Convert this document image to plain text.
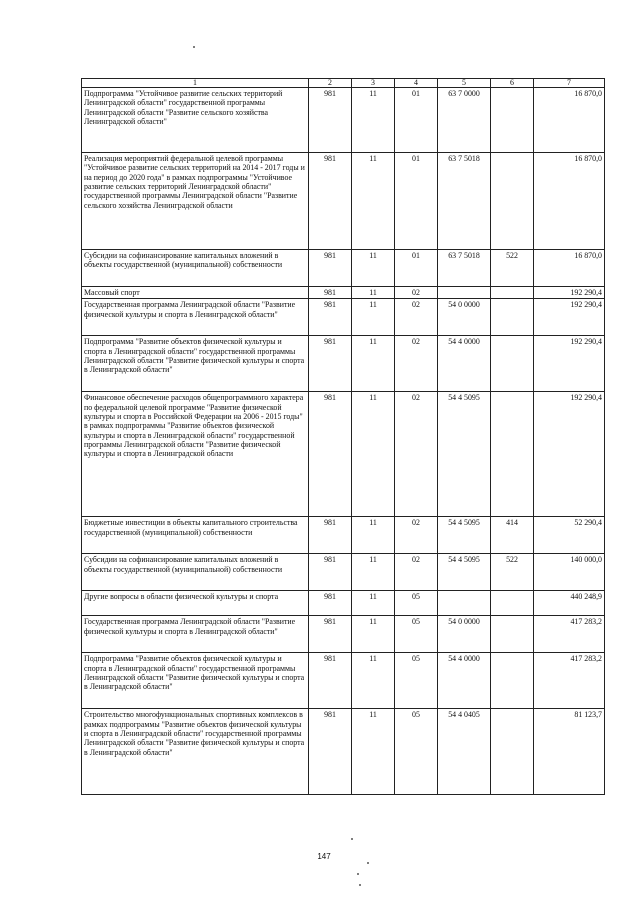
1	2	3	4	5	6	7
Подпрограмма "Устойчивое развитие сельских территорий Ленинградской области" государственной программы Ленинградской области "Развитие сельского хозяйства Ленинградской области"	981	11	01	63 7 0000		16 870,0
Реализация мероприятий федеральной целевой программы "Устойчивое развитие сельских территорий на 2014 - 2017 годы и на период до 2020 года" в рамках подпрограммы "Устойчивое развитие сельских территорий Ленинградской области" государственной программы Ленинградской области "Развитие сельского хозяйства Ленинградской области	981	11	01	63 7 5018		16 870,0
Субсидии на софинансирование капитальных вложений в объекты государственной (муниципальной) собственности	981	11	01	63 7 5018	522	16 870,0
Массовый спорт	981	11	02			192 290,4
Государственная программа Ленинградской области "Развитие физической культуры и спорта в Ленинградской области"	981	11	02	54 0 0000		192 290,4
Подпрограмма "Развитие объектов физической культуры и спорта в Ленинградской области" государственной программы Ленинградской области "Развитие физической культуры и спорта в Ленинградской области"	981	11	02	54 4 0000		192 290,4
Финансовое обеспечение расходов общепрограммного характера по федеральной целевой программе "Развитие физической культуры и спорта в Российской Федерации на 2006 - 2015 годы" в рамках подпрограммы "Развитие объектов физической культуры и спорта в Ленинградской области" государственной программы Ленинградской области "Развитие физической культуры и спорта в Ленинградской области	981	11	02	54 4 5095		192 290,4
Бюджетные инвестиции в объекты капитального строительства государственной (муниципальной) собственности	981	11	02	54 4 5095	414	52 290,4
Субсидии на софинансирование капитальных вложений в объекты государственной (муниципальной) собственности	981	11	02	54 4 5095	522	140 000,0
Другие вопросы в области физической культуры и спорта	981	11	05			440 248,9
Государственная программа Ленинградской области "Развитие физической культуры и спорта в Ленинградской области"	981	11	05	54 0 0000		417 283,2
Подпрограмма "Развитие объектов физической культуры и спорта в Ленинградской области" государственной программы Ленинградской области "Развитие физической культуры и спорта в Ленинградской области"	981	11	05	54 4 0000		417 283,2
Строительство многофункциональных спортивных комплексов в рамках подпрограммы "Развитие объектов физической культуры и спорта в Ленинградской области" государственной программы Ленинградской области "Развитие физической культуры и спорта в Ленинградской области"	981	11	05	54 4 0405		81 123,7
147
